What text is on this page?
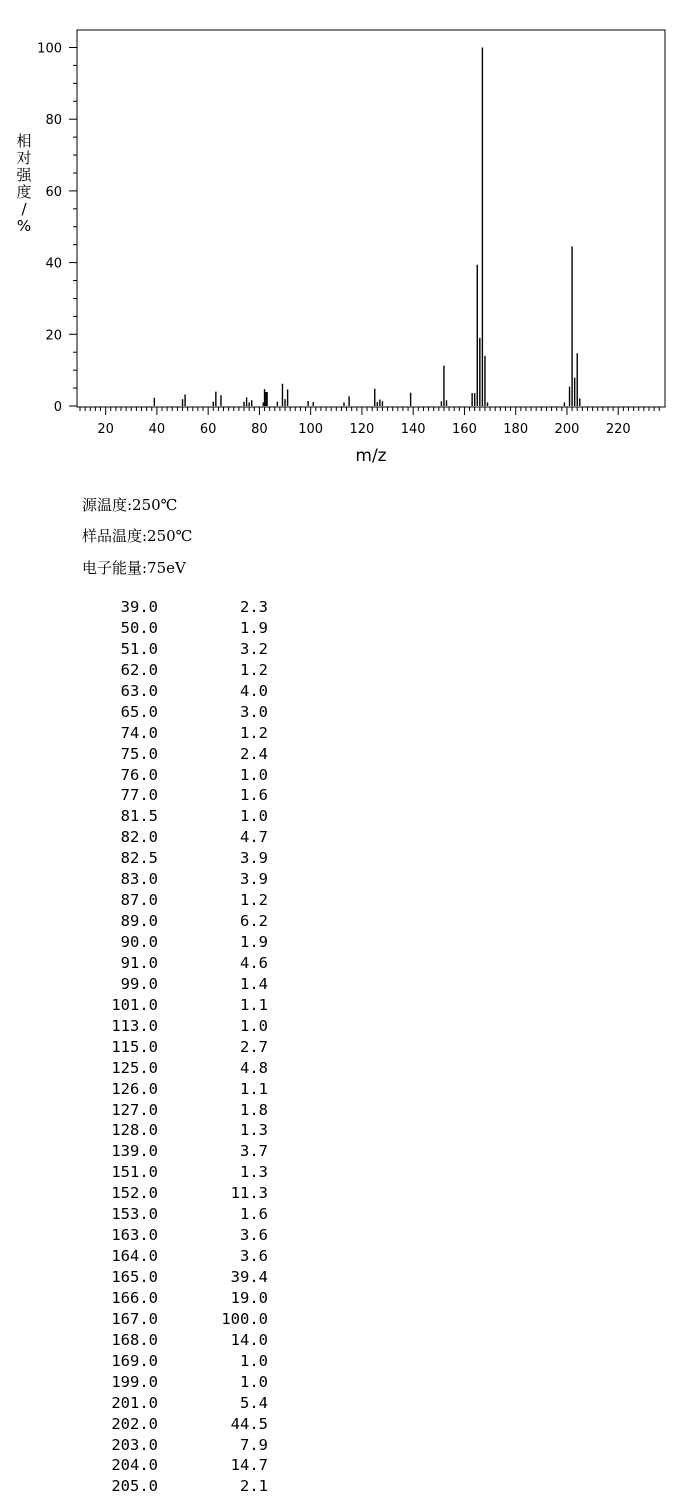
0
20
40
60
80
100
20	40	60	80 100 120 140 160 180 200 220
m/z
相对强度/ %
源温度:250℃
样品温度:250℃
电子能量:75eV
39.0	2.3
50.0	1.9
51.0	3.2
62.0	1.2
63.0	4.0
65.0	3.0
74.0	1.2
75.0	2.4
76.0	1.0
77.0	1.6
81.5	1.0
82.0	4.7
82.5	3.9
83.0	3.9
87.0	1.2
89.0	6.2
90.0	1.9
91.0	4.6
99.0	1.4
101.0	1.1
113.0	1.0
115.0	2.7
125.0	4.8
126.0	1.1
127.0	1.8
128.0	1.3
139.0	3.7
151.0	1.3
152.0	11.3
153.0	1.6
163.0	3.6
164.0	3.6
165.0	39.4
166.0	19.0
167.0	100.0
168.0	14.0
169.0	1.0
199.0	1.0
201.0	5.4
202.0	44.5
203.0	7.9
204.0	14.7
205.0	2.1
